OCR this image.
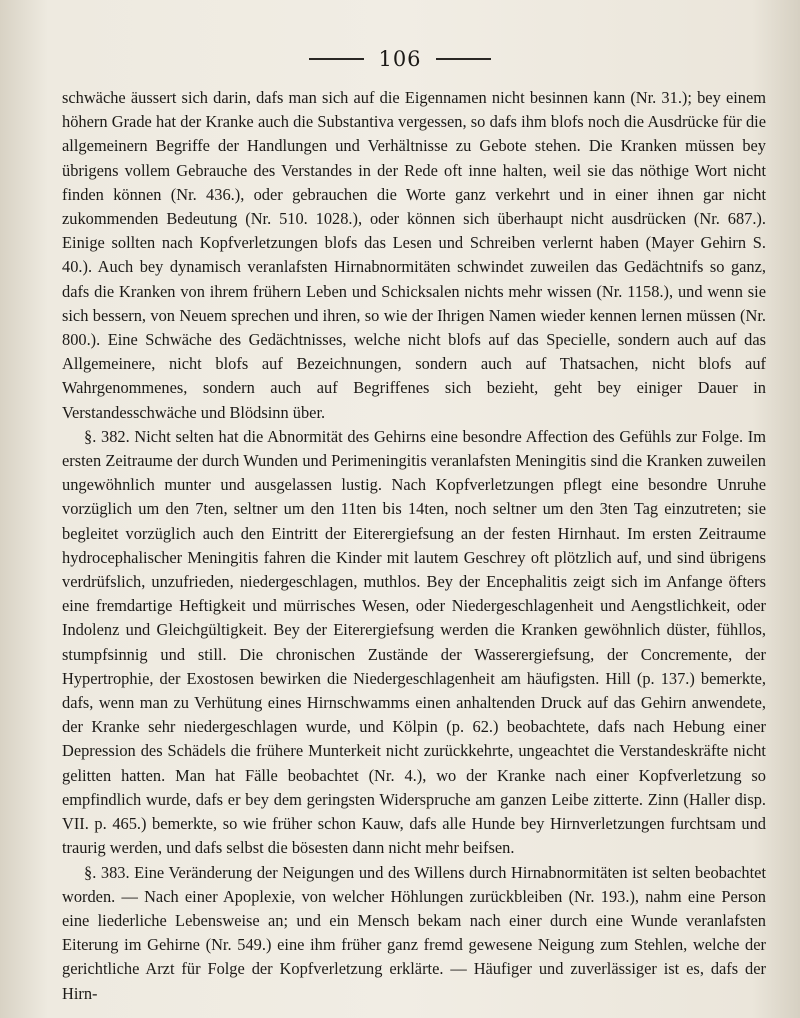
106

schwäche äussert sich darin, dafs man sich auf die Eigennamen nicht besinnen kann (Nr. 31.); bey einem höhern Grade hat der Kranke auch die Substantiva vergessen, so dafs ihm blofs noch die Ausdrücke für die allgemeinern Begriffe der Handlungen und Verhältnisse zu Gebote stehen. Die Kranken müssen bey übrigens vollem Gebrauche des Verstandes in der Rede oft inne halten, weil sie das nöthige Wort nicht finden können (Nr. 436.), oder gebrauchen die Worte ganz verkehrt und in einer ihnen gar nicht zukommenden Bedeutung (Nr. 510. 1028.), oder können sich überhaupt nicht ausdrücken (Nr. 687.). Einige sollten nach Kopfverletzungen blofs das Lesen und Schreiben verlernt haben (Mayer Gehirn S. 40.). Auch bey dynamisch veranlafsten Hirnabnormitäten schwindet zuweilen das Gedächtnifs so ganz, dafs die Kranken von ihrem frühern Leben und Schicksalen nichts mehr wissen (Nr. 1158.), und wenn sie sich bessern, von Neuem sprechen und ihren, so wie der Ihrigen Namen wieder kennen lernen müssen (Nr. 800.). Eine Schwäche des Gedächtnisses, welche nicht blofs auf das Specielle, sondern auch auf das Allgemeinere, nicht blofs auf Bezeichnungen, sondern auch auf Thatsachen, nicht blofs auf Wahrgenommenes, sondern auch auf Begriffenes sich bezieht, geht bey einiger Dauer in Verstandesschwäche und Blödsinn über.

§. 382. Nicht selten hat die Abnormität des Gehirns eine besondre Affection des Gefühls zur Folge. Im ersten Zeitraume der durch Wunden und Perimeningitis veranlafsten Meningitis sind die Kranken zuweilen ungewöhnlich munter und ausgelassen lustig. Nach Kopfverletzungen pflegt eine besondre Unruhe vorzüglich um den 7ten, seltner um den 11ten bis 14ten, noch seltner um den 3ten Tag einzutreten; sie begleitet vorzüglich auch den Eintritt der Eiterergiefsung an der festen Hirnhaut. Im ersten Zeitraume hydrocephalischer Meningitis fahren die Kinder mit lautem Geschrey oft plötzlich auf, und sind übrigens verdrüfslich, unzufrieden, niedergeschlagen, muthlos. Bey der Encephalitis zeigt sich im Anfange öfters eine fremdartige Heftigkeit und mürrisches Wesen, oder Niedergeschlagenheit und Aengstlichkeit, oder Indolenz und Gleichgültigkeit. Bey der Eiterergiefsung werden die Kranken gewöhnlich düster, fühllos, stumpfsinnig und still. Die chronischen Zustände der Wasserergiefsung, der Concremente, der Hypertrophie, der Exostosen bewirken die Niedergeschlagenheit am häufigsten. Hill (p. 137.) bemerkte, dafs, wenn man zu Verhütung eines Hirnschwamms einen anhaltenden Druck auf das Gehirn anwendete, der Kranke sehr niedergeschlagen wurde, und Kölpin (p. 62.) beobachtete, dafs nach Hebung einer Depression des Schädels die frühere Munterkeit nicht zurückkehrte, ungeachtet die Verstandeskräfte nicht gelitten hatten. Man hat Fälle beobachtet (Nr. 4.), wo der Kranke nach einer Kopfverletzung so empfindlich wurde, dafs er bey dem geringsten Widerspruche am ganzen Leibe zitterte. Zinn (Haller disp. VII. p. 465.) bemerkte, so wie früher schon Kauw, dafs alle Hunde bey Hirnverletzungen furchtsam und traurig werden, und dafs selbst die bösesten dann nicht mehr beifsen.

§. 383. Eine Veränderung der Neigungen und des Willens durch Hirnabnormitäten ist selten beobachtet worden. — Nach einer Apoplexie, von welcher Höhlungen zurückbleiben (Nr. 193.), nahm eine Person eine liederliche Lebensweise an; und ein Mensch bekam nach einer durch eine Wunde veranlafsten Eiterung im Gehirne (Nr. 549.) eine ihm früher ganz fremd gewesene Neigung zum Stehlen, welche der gerichtliche Arzt für Folge der Kopfverletzung erklärte. — Häufiger und zuverlässiger ist es, dafs der Hirn-
